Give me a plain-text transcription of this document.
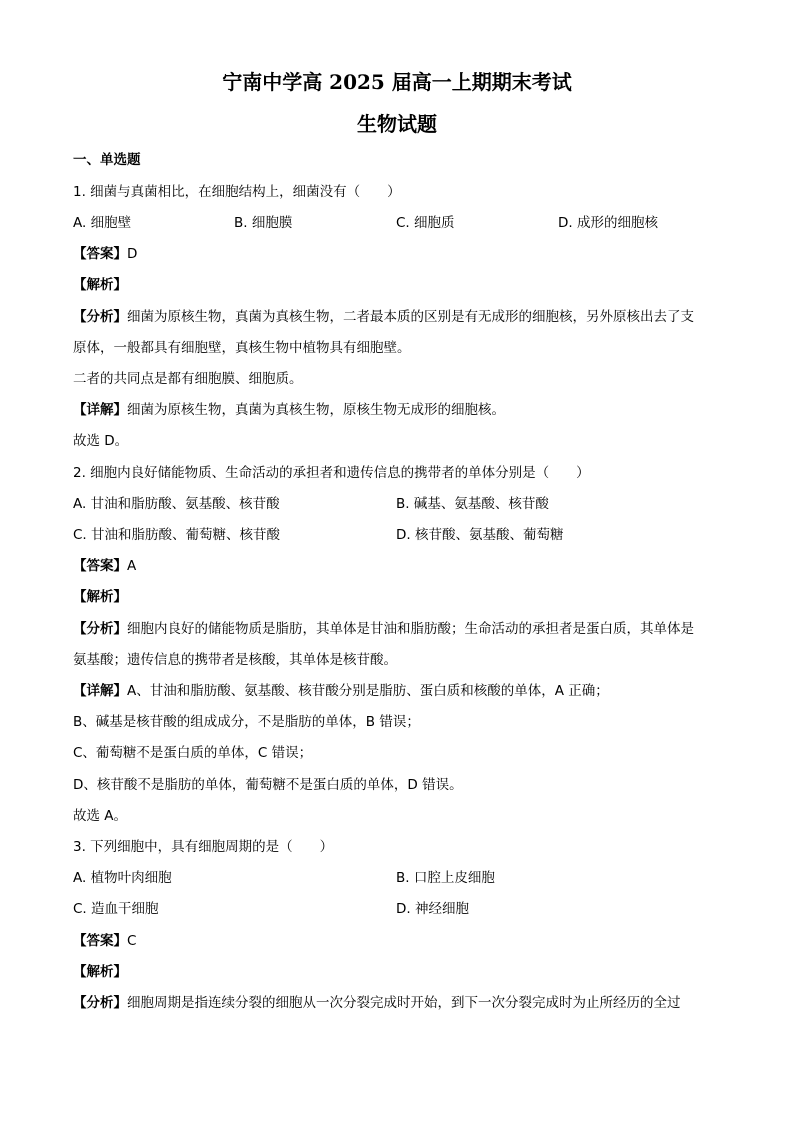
宁南中学高 2025 届高一上期期末考试
生物试题
一、单选题
1. 细菌与真菌相比，在细胞结构上，细菌没有（　　）
A. 细胞壁	B. 细胞膜	C. 细胞质	D. 成形的细胞核
【答案】D
【解析】
【分析】细菌为原核生物，真菌为真核生物，二者最本质的区别是有无成形的细胞核，另外原核出去了支
原体，一般都具有细胞壁，真核生物中植物具有细胞壁。
二者的共同点是都有细胞膜、细胞质。
【详解】细菌为原核生物，真菌为真核生物，原核生物无成形的细胞核。
故选 D。
2. 细胞内良好储能物质、生命活动的承担者和遗传信息的携带者的单体分别是（　　）
A. 甘油和脂肪酸、氨基酸、核苷酸	B. 碱基、氨基酸、核苷酸
C. 甘油和脂肪酸、葡萄糖、核苷酸	D. 核苷酸、氨基酸、葡萄糖
【答案】A
【解析】
【分析】细胞内良好的储能物质是脂肪，其单体是甘油和脂肪酸；生命活动的承担者是蛋白质，其单体是
氨基酸；遗传信息的携带者是核酸，其单体是核苷酸。
【详解】A、甘油和脂肪酸、氨基酸、核苷酸分别是脂肪、蛋白质和核酸的单体，A 正确；
B、碱基是核苷酸的组成成分，不是脂肪的单体，B 错误；
C、葡萄糖不是蛋白质的单体，C 错误；
D、核苷酸不是脂肪的单体，葡萄糖不是蛋白质的单体，D 错误。
故选 A。
3. 下列细胞中，具有细胞周期的是（　　）
A. 植物叶肉细胞	B. 口腔上皮细胞
C. 造血干细胞	D. 神经细胞
【答案】C
【解析】
【分析】细胞周期是指连续分裂的细胞从一次分裂完成时开始，到下一次分裂完成时为止所经历的全过
